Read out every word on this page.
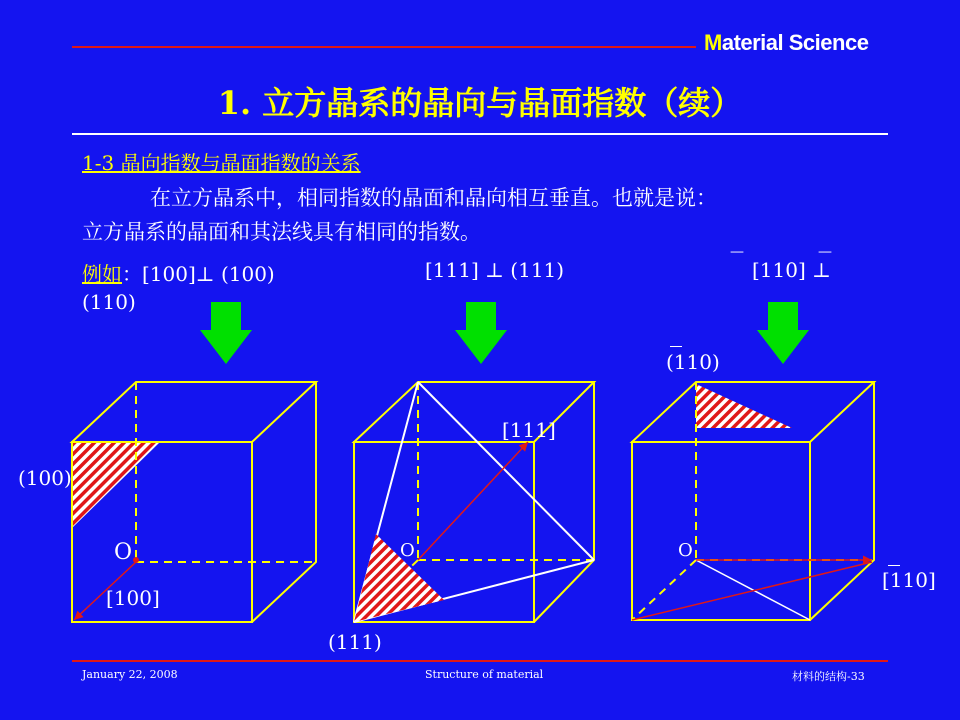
Material Science
1. 立方晶系的晶向与晶面指数（续）
1-3 晶向指数与晶面指数的关系
在立方晶系中，相同指数的晶面和晶向相互垂直。也就是说：
立方晶系的晶面和其法线具有相同的指数。
例如：[100]⊥ (100)
(110)
[111] ⊥ (111)
—
[110] ⊥
—
(100)
O
[100]
(111)
O
[111]
(110)
O
[110]
January 22, 2008	Structure of material	材料的结构-33
